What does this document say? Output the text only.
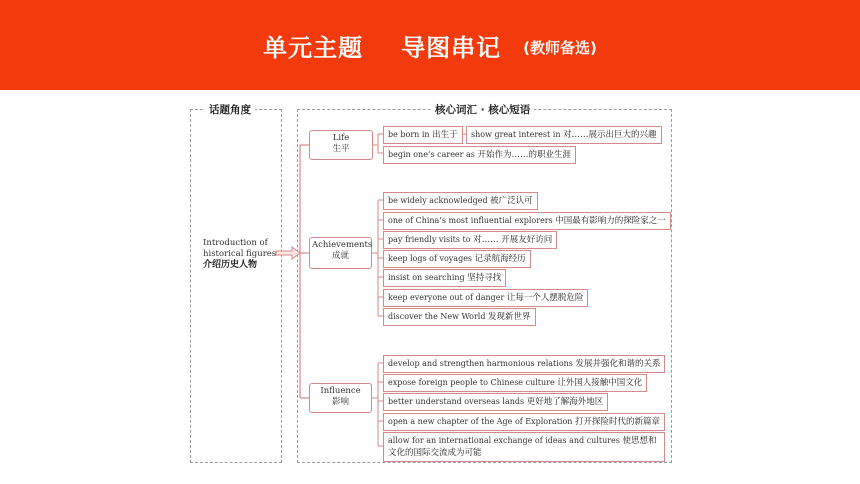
单元主题 导图串记 (教师备选)
话题角度	核心词汇 · 核心短语
Introduction of historical figures
介绍历史人物
Life
生平
Achievements
成就
Influence
影响
be born in 出生于	show great interest in 对……展示出巨大的兴趣
begin one’s career as 开始作为……的职业生涯
be widely acknowledged 被广泛认可
one of China’s most influential explorers 中国最有影响力的探险家之一
pay friendly visits to 对…… 开展友好访问
keep logs of voyages 记录航海经历
insist on searching 坚持寻找
keep everyone out of danger 让每一个人摆脱危险
discover the New World 发现新世界
develop and strengthen harmonious relations 发展并强化和谐的关系
expose foreign people to Chinese culture 让外国人接触中国文化
better understand overseas lands 更好地了解海外地区
open a new chapter of the Age of Exploration 打开探险时代的新篇章
allow for an international exchange of ideas and cultures 使思想和文化的国际交流成为可能
